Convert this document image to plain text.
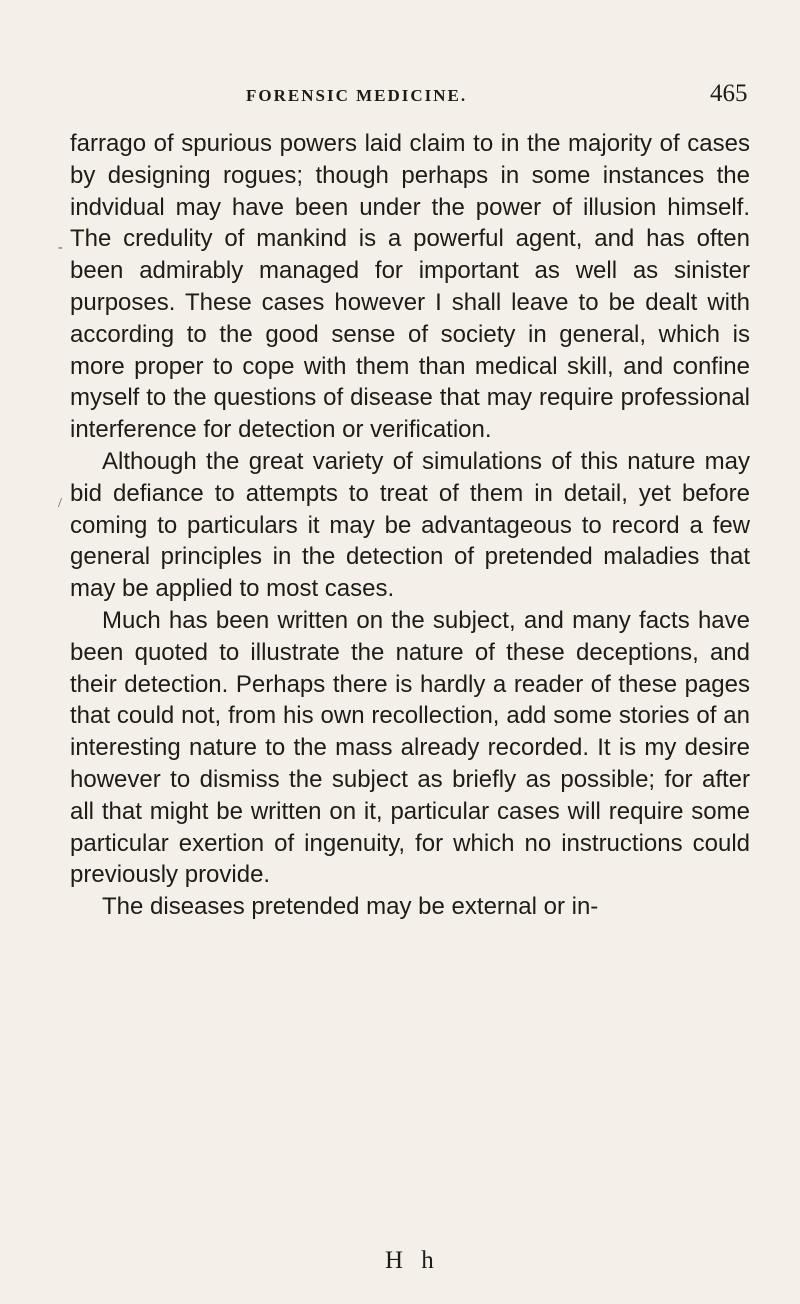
FORENSIC MEDICINE.	465
-
/

farrago of spurious powers laid claim to in the majority of cases by designing rogues; though perhaps in some instances the indvidual may have been under the power of illusion himself. The credulity of mankind is a powerful agent, and has often been admirably managed for important as well as sinister purposes. These cases however I shall leave to be dealt with according to the good sense of society in general, which is more proper to cope with them than medical skill, and confine myself to the questions of disease that may require professional interference for detection or verification.

Although the great variety of simulations of this nature may bid defiance to attempts to treat of them in detail, yet before coming to particulars it may be advantageous to record a few general principles in the detection of pretended maladies that may be applied to most cases.

Much has been written on the subject, and many facts have been quoted to illustrate the nature of these deceptions, and their detection. Perhaps there is hardly a reader of these pages that could not, from his own recollection, add some stories of an interesting nature to the mass already recorded. It is my desire however to dismiss the subject as briefly as possible; for after all that might be written on it, particular cases will require some particular exertion of ingenuity, for which no instructions could previously provide.

The diseases pretended may be external or in-

H h
